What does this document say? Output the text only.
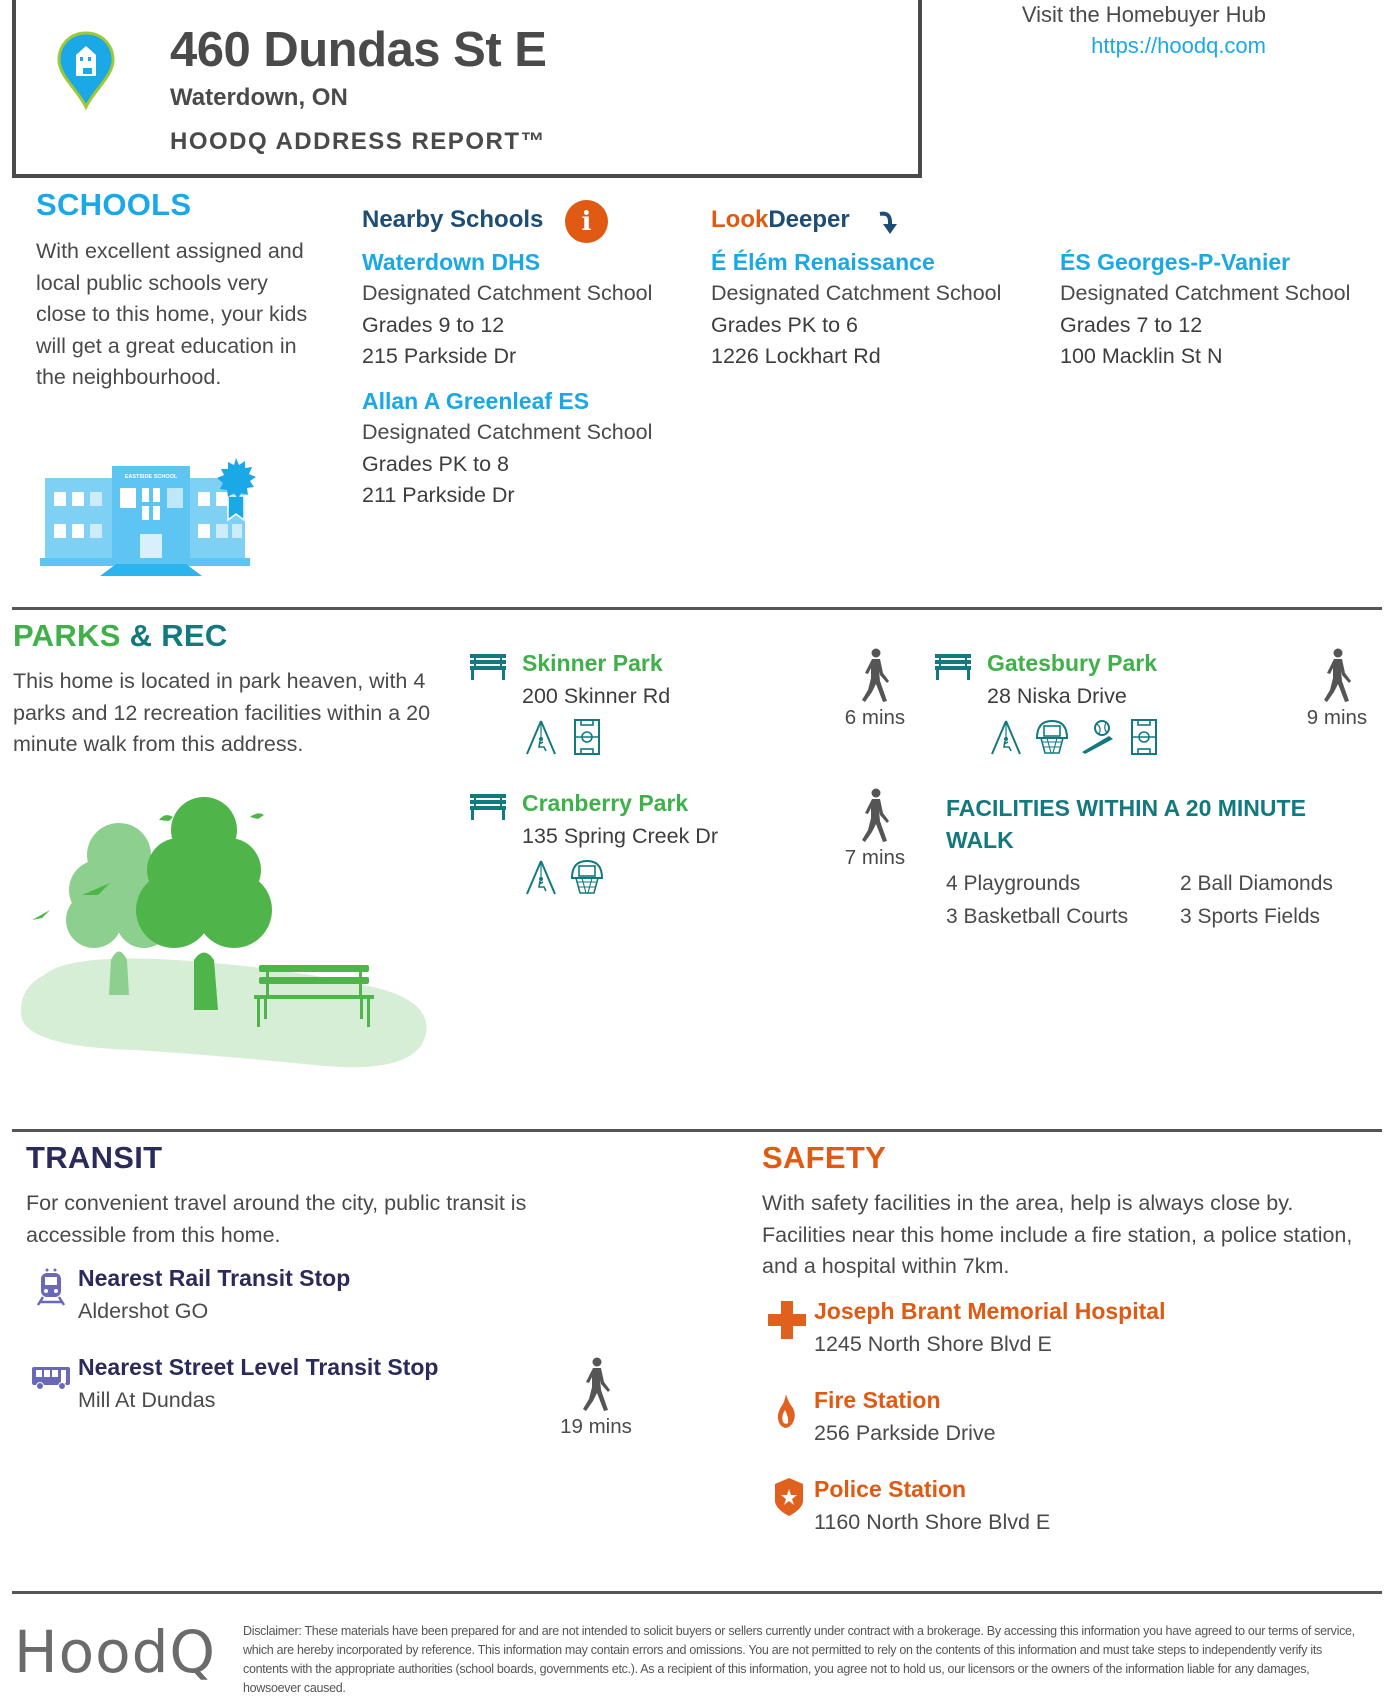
460 Dundas St E
Waterdown, ON
HOODQ ADDRESS REPORT™
Visit the Homebuyer Hub
https://hoodq.com
SCHOOLS
With excellent assigned and local public schools very close to this home, your kids will get a great education in the neighbourhood.
EASTSIDE SCHOOL
Nearby Schools	i	LookDeeper
Waterdown DHS
Designated Catchment School
Grades 9 to 12
215 Parkside Dr
Allan A Greenleaf ES
Designated Catchment School
Grades PK to 8
211 Parkside Dr
É Élém Renaissance
Designated Catchment School
Grades PK to 6
1226 Lockhart Rd
ÉS Georges-P-Vanier
Designated Catchment School
Grades 7 to 12
100 Macklin St N
PARKS & REC
This home is located in park heaven, with 4 parks and 12 recreation facilities within a 20 minute walk from this address.
Skinner Park
200 Skinner Rd
6 mins
Gatesbury Park
28 Niska Drive
9 mins
Cranberry Park
135 Spring Creek Dr
7 mins
FACILITIES WITHIN A 20 MINUTE WALK
4 Playgrounds	2 Ball Diamonds
3 Basketball Courts	3 Sports Fields
TRANSIT
For convenient travel around the city, public transit is accessible from this home.
Nearest Rail Transit Stop
Aldershot GO
Nearest Street Level Transit Stop
Mill At Dundas
19 mins
SAFETY
With safety facilities in the area, help is always close by. Facilities near this home include a fire station, a police station, and a hospital within 7km.
Joseph Brant Memorial Hospital
1245 North Shore Blvd E
Fire Station
256 Parkside Drive
Police Station
1160 North Shore Blvd E
HoodQ Disclaimer: These materials have been prepared for and are not intended to solicit buyers or sellers currently under contract with a brokerage. By accessing this information you have agreed to our terms of service, which are hereby incorporated by reference. This information may contain errors and omissions. You are not permitted to rely on the contents of this information and must take steps to independently verify its contents with the appropriate authorities (school boards, governments etc.). As a recipient of this information, you agree not to hold us, our licensors or the owners of the information liable for any damages, howsoever caused.
